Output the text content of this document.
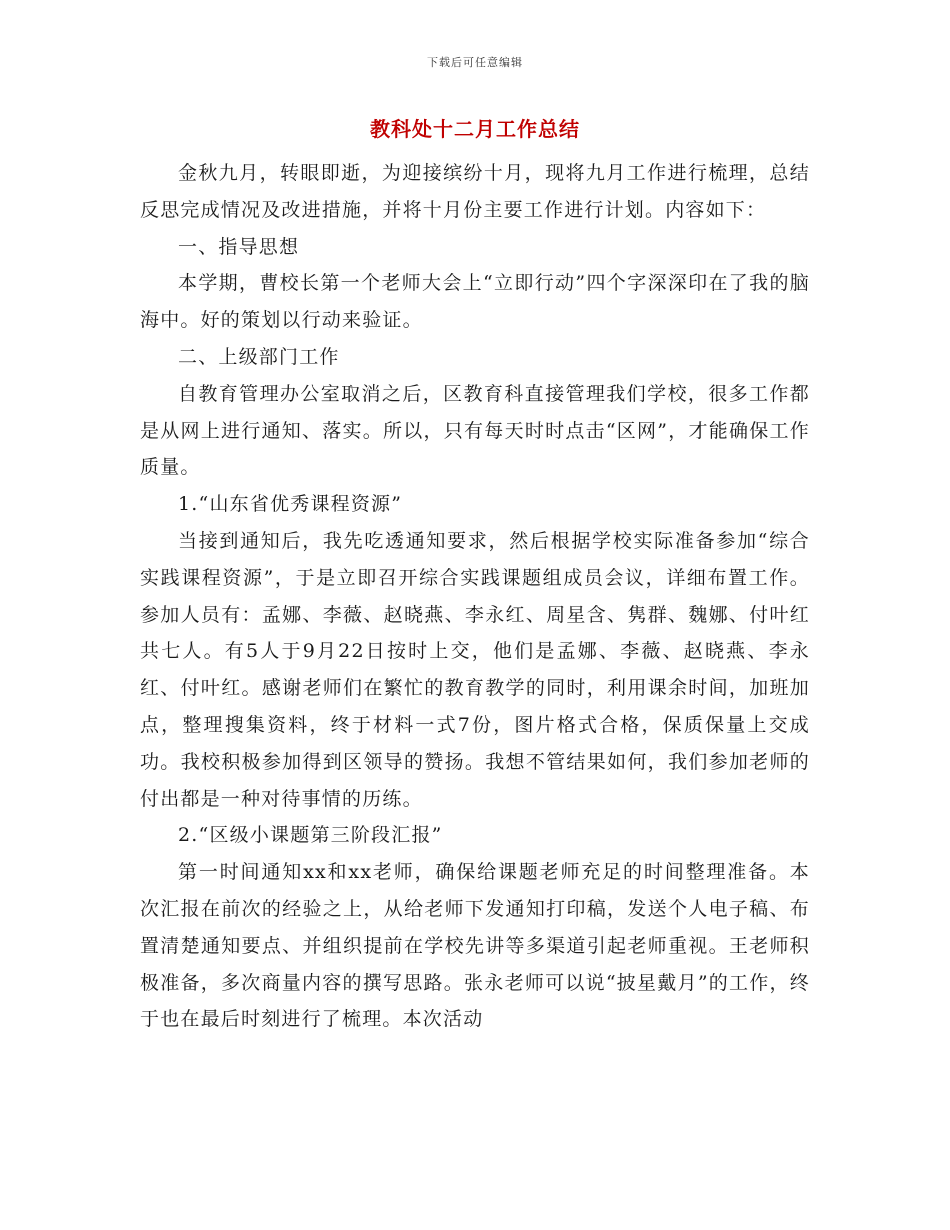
下载后可任意编辑
教科处十二月工作总结

金秋九月，转眼即逝，为迎接缤纷十月，现将九月工作进行梳理，总结反思完成情况及改进措施，并将十月份主要工作进行计划。内容如下：

一、指导思想

本学期，曹校长第一个老师大会上“立即行动”四个字深深印在了我的脑海中。好的策划以行动来验证。

二、上级部门工作

自教育管理办公室取消之后，区教育科直接管理我们学校，很多工作都是从网上进行通知、落实。所以，只有每天时时点击“区网”，才能确保工作质量。

1.“山东省优秀课程资源”

当接到通知后，我先吃透通知要求，然后根据学校实际准备参加“综合实践课程资源”，于是立即召开综合实践课题组成员会议，详细布置工作。参加人员有：孟娜、李薇、赵晓燕、李永红、周星含、隽群、魏娜、付叶红共七人。有5人于9月22日按时上交，他们是孟娜、李薇、赵晓燕、李永红、付叶红。感谢老师们在繁忙的教育教学的同时，利用课余时间，加班加点，整理搜集资料，终于材料一式7份，图片格式合格，保质保量上交成功。我校积极参加得到区领导的赞扬。我想不管结果如何，我们参加老师的付出都是一种对待事情的历练。

2.“区级小课题第三阶段汇报”

第一时间通知xx和xx老师，确保给课题老师充足的时间整理准备。本次汇报在前次的经验之上，从给老师下发通知打印稿，发送个人电子稿、布置清楚通知要点、并组织提前在学校先讲等多渠道引起老师重视。王老师积极准备，多次商量内容的撰写思路。张永老师可以说“披星戴月”的工作，终于也在最后时刻进行了梳理。本次活动
